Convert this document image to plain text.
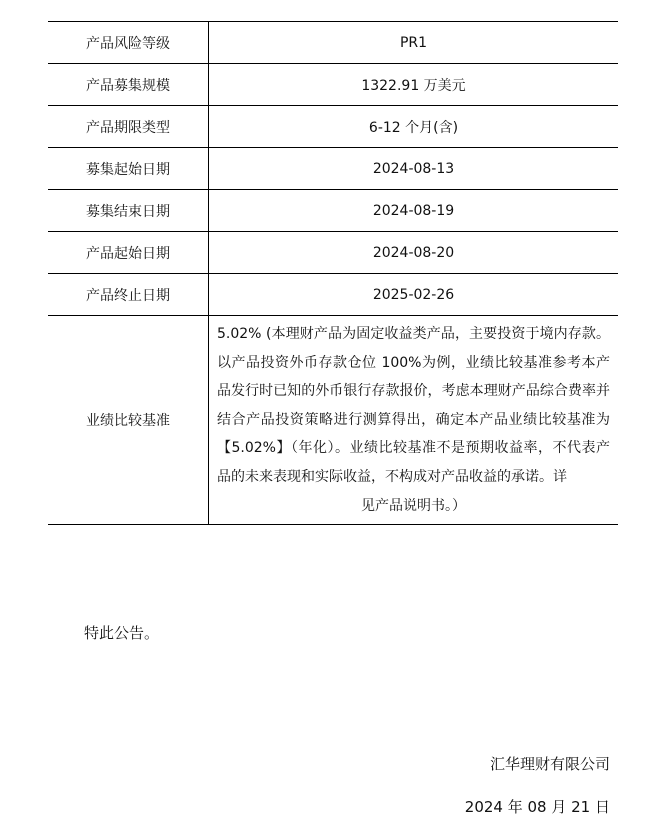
产品风险等级	PR1
产品募集规模	1322.91 万美元
产品期限类型	6-12 个月(含)
募集起始日期	2024-08-13
募集结束日期	2024-08-19
产品起始日期	2024-08-20
产品终止日期	2025-02-26
业绩比较基准	5.02% (本理财产品为固定收益类产品，主要投资于境内存款。以产品投资外币存款仓位 100%为例，业绩比较基准参考本产品发行时已知的外币银行存款报价，考虑本理财产品综合费率并结合产品投资策略进行测算得出，确定本产品业绩比较基准为【5.02%】（年化）。业绩比较基准不是预期收益率，不代表产品的未来表现和实际收益，不构成对产品收益的承诺。详
见产品说明书。）

特此公告。

汇华理财有限公司

2024 年 08 月 21 日
